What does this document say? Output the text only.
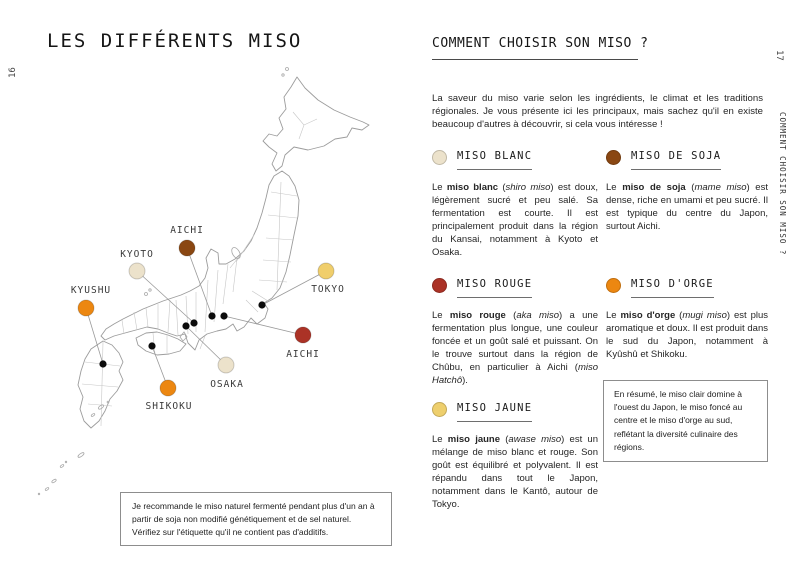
16
LES DIFFÉRENTS MISO
AICHI
KYOTO
KYUSHU	TOKYO
AICHI
OSAKA
SHIKOKU
Je recommande le miso naturel fermenté pendant plus d'un an à partir de soja non modifié génétiquement et de sel naturel. Vérifiez sur l'étiquette qu'il ne contient pas d'additifs.
COMMENT CHOISIR SON MISO ?

La saveur du miso varie selon les ingrédients, le climat et les traditions régionales. Je vous présente ici les principaux, mais sachez qu'il en existe beaucoup d'autres à découvrir, si cela vous intéresse !

MISO BLANC

Le miso blanc (shiro miso) est doux, légèrement sucré et peu salé. Sa fermentation est courte. Il est principalement produit dans la région du Kansai, notamment à Kyoto et Osaka.

MISO DE SOJA

Le miso de soja (mame miso) est dense, riche en umami et peu sucré. Il est typique du centre du Japon, surtout Aichi.

MISO ROUGE

Le miso rouge (aka miso) a une fermentation plus longue, une couleur foncée et un goût salé et puissant. On le trouve surtout dans la région de Chûbu, en particulier à Aichi (miso Hatchô).

MISO D'ORGE

Le miso d'orge (mugi miso) est plus aromatique et doux. Il est produit dans le sud du Japon, notamment à Kyûshû et Shikoku.

MISO JAUNE

Le miso jaune (awase miso) est un mélange de miso blanc et rouge. Son goût est équilibré et polyvalent. Il est répandu dans tout le Japon, notamment dans le Kantô, autour de Tokyo.

En résumé, le miso clair domine à l'ouest du Japon, le miso foncé au centre et le miso d'orge au sud, reflétant la diversité culinaire des régions.
17
COMMENT CHOISIR SON MISO ?
